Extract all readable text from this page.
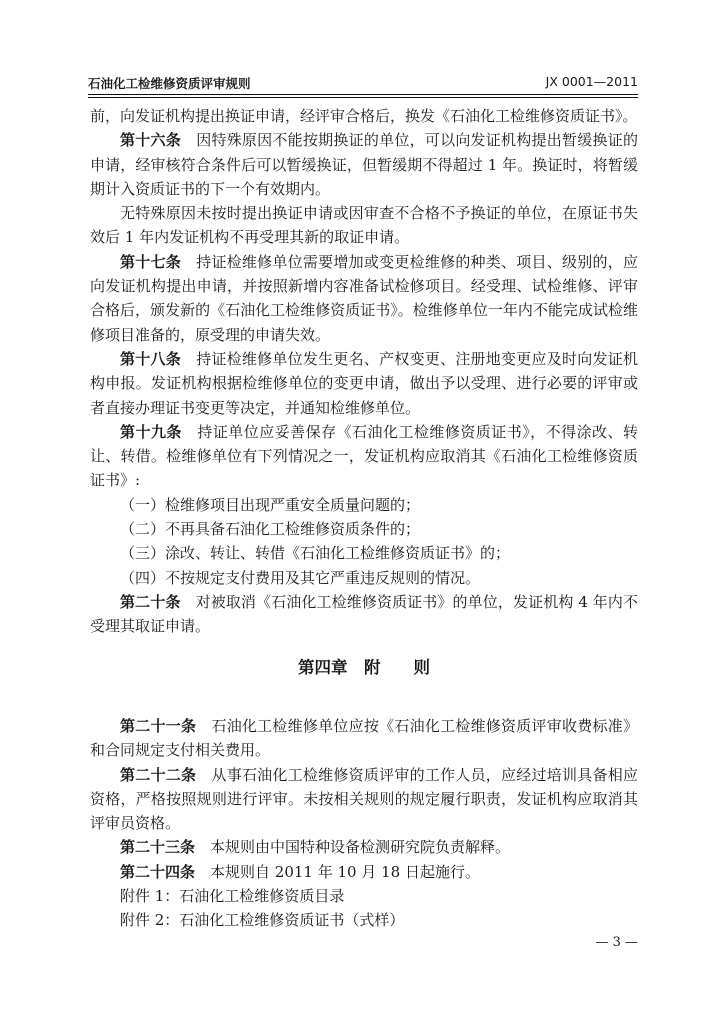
石油化工检维修资质评审规则	JX 0001—2011

前，向发证机构提出换证申请，经评审合格后，换发《石油化工检维修资质证书》。

第十六条　因特殊原因不能按期换证的单位，可以向发证机构提出暂缓换证的申请，经审核符合条件后可以暂缓换证，但暂缓期不得超过 1 年。换证时，将暂缓期计入资质证书的下一个有效期内。

无特殊原因未按时提出换证申请或因审查不合格不予换证的单位，在原证书失效后 1 年内发证机构不再受理其新的取证申请。

第十七条　持证检维修单位需要增加或变更检维修的种类、项目、级别的，应向发证机构提出申请，并按照新增内容准备试检修项目。经受理、试检维修、评审合格后，颁发新的《石油化工检维修资质证书》。检维修单位一年内不能完成试检维修项目准备的，原受理的申请失效。

第十八条　持证检维修单位发生更名、产权变更、注册地变更应及时向发证机构申报。发证机构根据检维修单位的变更申请，做出予以受理、进行必要的评审或者直接办理证书变更等决定，并通知检维修单位。

第十九条　持证单位应妥善保存《石油化工检维修资质证书》，不得涂改、转让、转借。检维修单位有下列情况之一，发证机构应取消其《石油化工检维修资质证书》:

（一）检维修项目出现严重安全质量问题的；

（二）不再具备石油化工检维修资质条件的；

（三）涂改、转让、转借《石油化工检维修资质证书》的；

（四）不按规定支付费用及其它严重违反规则的情况。

第二十条　对被取消《石油化工检维修资质证书》的单位，发证机构 4 年内不受理其取证申请。

第四章　附　　则

第二十一条　石油化工检维修单位应按《石油化工检维修资质评审收费标准》和合同规定支付相关费用。

第二十二条　从事石油化工检维修资质评审的工作人员，应经过培训具备相应资格，严格按照规则进行评审。未按相关规则的规定履行职责，发证机构应取消其评审员资格。

第二十三条　本规则由中国特种设备检测研究院负责解释。

第二十四条　本规则自 2011 年 10 月 18 日起施行。

附件 1：石油化工检维修资质目录

附件 2：石油化工检维修资质证书（式样）

— 3 —
